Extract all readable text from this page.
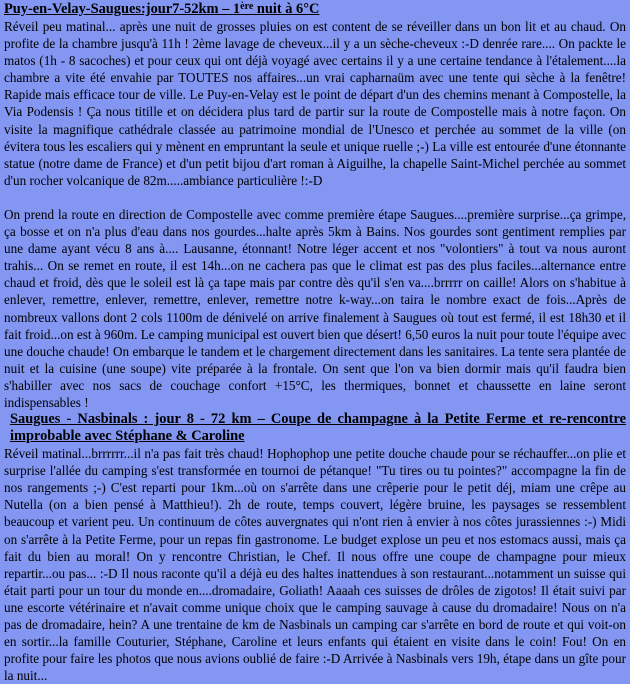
Puy-en-Velay-Saugues:jour7-52km – 1ère nuit à 6°C

Réveil peu matinal... après une nuit de grosses pluies on est content de se réveiller dans un bon lit et au chaud. On profite de la chambre jusqu'à 11h ! 2ème lavage de cheveux...il y a un sèche-cheveux :-D denrée rare.... On packte le matos (1h - 8 sacoches) et pour ceux qui ont déjà voyagé avec certains il y a une certaine tendance à l'étalement....la chambre a vite été envahie par TOUTES nos affaires...un vrai capharnaüm avec une tente qui sèche à la fenêtre! Rapide mais efficace tour de ville. Le Puy-en-Velay est le point de départ d'un des chemins menant à Compostelle, la Via Podensis ! Ça nous titille et on décidera plus tard de partir sur la route de Compostelle mais à notre façon. On visite la magnifique cathédrale classée au patrimoine mondial de l'Unesco et perchée au sommet de la ville (on évitera tous les escaliers qui y mènent en empruntant la seule et unique ruelle ;-) La ville est entourée d'une étonnante statue (notre dame de France) et d'un petit bijou d'art roman à Aiguilhe, la chapelle Saint-Michel perchée au sommet d'un rocher volcanique de 82m.....ambiance particulière !:-D

On prend la route en direction de Compostelle avec comme première étape Saugues....première surprise...ça grimpe, ça bosse et on n'a plus d'eau dans nos gourdes...halte après 5km à Bains. Nos gourdes sont gentiment remplies par une dame ayant vécu 8 ans à.... Lausanne, étonnant! Notre léger accent et nos "volontiers" à tout va nous auront trahis... On se remet en route, il est 14h...on ne cachera pas que le climat est pas des plus faciles...alternance entre chaud et froid, dès que le soleil est là ça tape mais par contre dès qu'il s'en va....brrrrr on caille! Alors on s'habitue à enlever, remettre, enlever, remettre, enlever, remettre notre k-way...on taira le nombre exact de fois...Après de nombreux vallons dont 2 cols 1100m de dénivelé on arrive finalement à Saugues où tout est fermé, il est 18h30 et il fait froid...on est à 960m. Le camping municipal est ouvert bien que désert! 6,50 euros la nuit pour toute l'équipe avec une douche chaude! On embarque le tandem et le chargement directement dans les sanitaires. La tente sera plantée de nuit et la cuisine (une soupe) vite préparée à la frontale. On sent que l'on va bien dormir mais qu'il faudra bien s'habiller avec nos sacs de couchage confort +15°C, les thermiques, bonnet et chaussette en laine seront indispensables !

Saugues - Nasbinals : jour 8 - 72 km – Coupe de champagne à la Petite Ferme et re-rencontre improbable avec Stéphane & Caroline

Réveil matinal...brrrrrr...il n'a pas fait très chaud! Hophophop une petite douche chaude pour se réchauffer...on plie et surprise l'allée du camping s'est transformée en tournoi de pétanque! "Tu tires ou tu pointes?" accompagne la fin de nos rangements ;-) C'est reparti pour 1km...où on s'arrête dans une crêperie pour le petit déj, miam une crêpe au Nutella (on a bien pensé à Matthieu!). 2h de route, temps couvert, légère bruine, les paysages se ressemblent beaucoup et varient peu. Un continuum de côtes auvergnates qui n'ont rien à envier à nos côtes jurassiennes :-) Midi on s'arrête à la Petite Ferme, pour un repas fin gastronome. Le budget explose un peu et nos estomacs aussi, mais ça fait du bien au moral! On y rencontre Christian, le Chef. Il nous offre une coupe de champagne pour mieux repartir...ou pas... :-D Il nous raconte qu'il a déjà eu des haltes inattendues à son restaurant...notamment un suisse qui était parti pour un tour du monde en....dromadaire, Goliath! Aaaah ces suisses de drôles de zigotos! Il était suivi par une escorte vétérinaire et n'avait comme unique choix que le camping sauvage à cause du dromadaire! Nous on n'a pas de dromadaire, hein? A une trentaine de km de Nasbinals un camping car s'arrête en bord de route et qui voit-on en sortir...la famille Couturier, Stéphane, Caroline et leurs enfants qui étaient en visite dans le coin! Fou! On en profite pour faire les photos que nous avions oublié de faire :-D Arrivée à Nasbinals vers 19h, étape dans un gîte pour la nuit...
